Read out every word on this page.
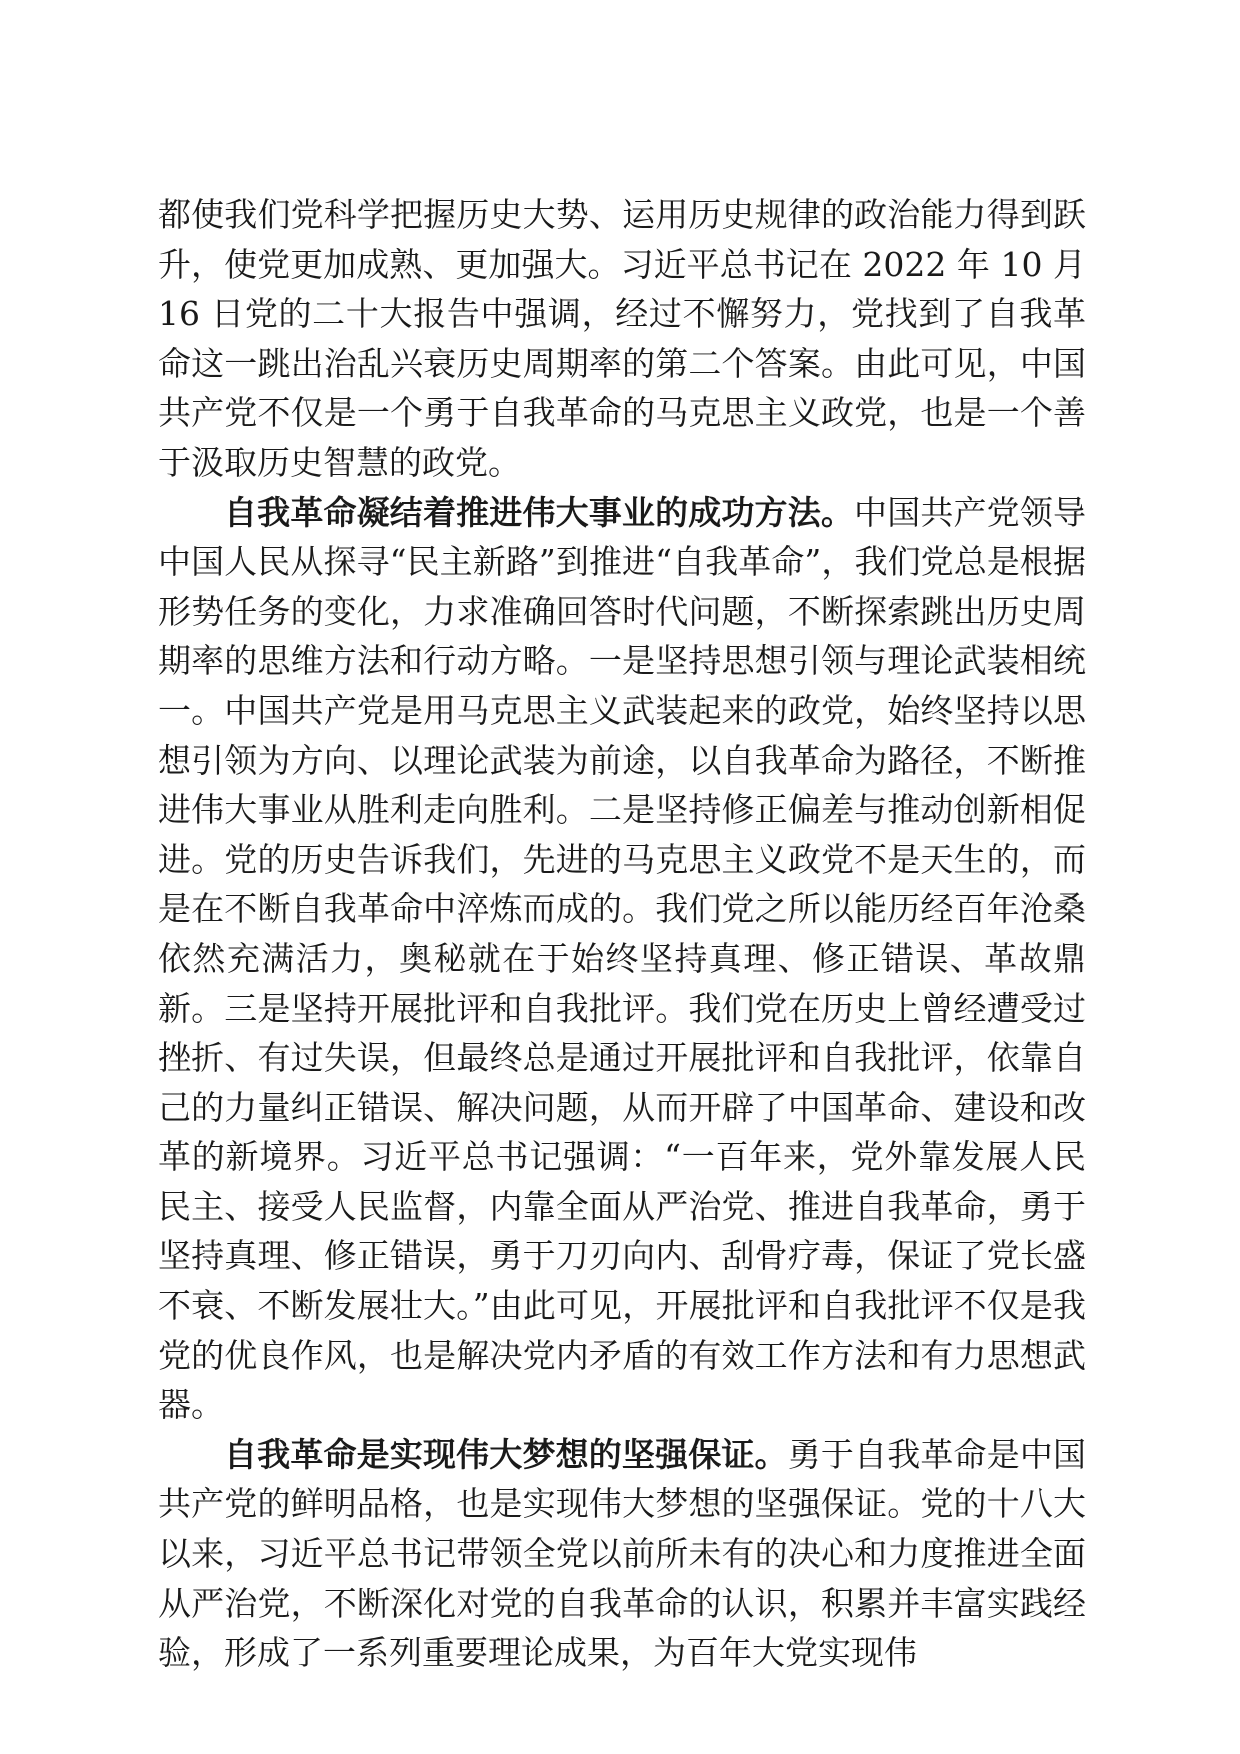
都使我们党科学把握历史大势、运用历史规律的政治能力得到跃升，使党更加成熟、更加强大。习近平总书记在 2022 年 10 月 16 日党的二十大报告中强调，经过不懈努力，党找到了自我革命这一跳出治乱兴衰历史周期率的第二个答案。由此可见，中国共产党不仅是一个勇于自我革命的马克思主义政党，也是一个善于汲取历史智慧的政党。

自我革命凝结着推进伟大事业的成功方法。中国共产党领导中国人民从探寻“民主新路”到推进“自我革命”，我们党总是根据形势任务的变化，力求准确回答时代问题，不断探索跳出历史周期率的思维方法和行动方略。一是坚持思想引领与理论武装相统一。中国共产党是用马克思主义武装起来的政党，始终坚持以思想引领为方向、以理论武装为前途，以自我革命为路径，不断推进伟大事业从胜利走向胜利。二是坚持修正偏差与推动创新相促进。党的历史告诉我们，先进的马克思主义政党不是天生的，而是在不断自我革命中淬炼而成的。我们党之所以能历经百年沧桑依然充满活力，奥秘就在于始终坚持真理、修正错误、革故鼎新。三是坚持开展批评和自我批评。我们党在历史上曾经遭受过挫折、有过失误，但最终总是通过开展批评和自我批评，依靠自己的力量纠正错误、解决问题，从而开辟了中国革命、建设和改革的新境界。习近平总书记强调：“一百年来，党外靠发展人民民主、接受人民监督，内靠全面从严治党、推进自我革命，勇于坚持真理、修正错误，勇于刀刃向内、刮骨疗毒，保证了党长盛不衰、不断发展壮大。”由此可见，开展批评和自我批评不仅是我党的优良作风，也是解决党内矛盾的有效工作方法和有力思想武器。

自我革命是实现伟大梦想的坚强保证。勇于自我革命是中国共产党的鲜明品格，也是实现伟大梦想的坚强保证。党的十八大以来，习近平总书记带领全党以前所未有的决心和力度推进全面从严治党，不断深化对党的自我革命的认识，积累并丰富实践经验，形成了一系列重要理论成果，为百年大党实现伟
